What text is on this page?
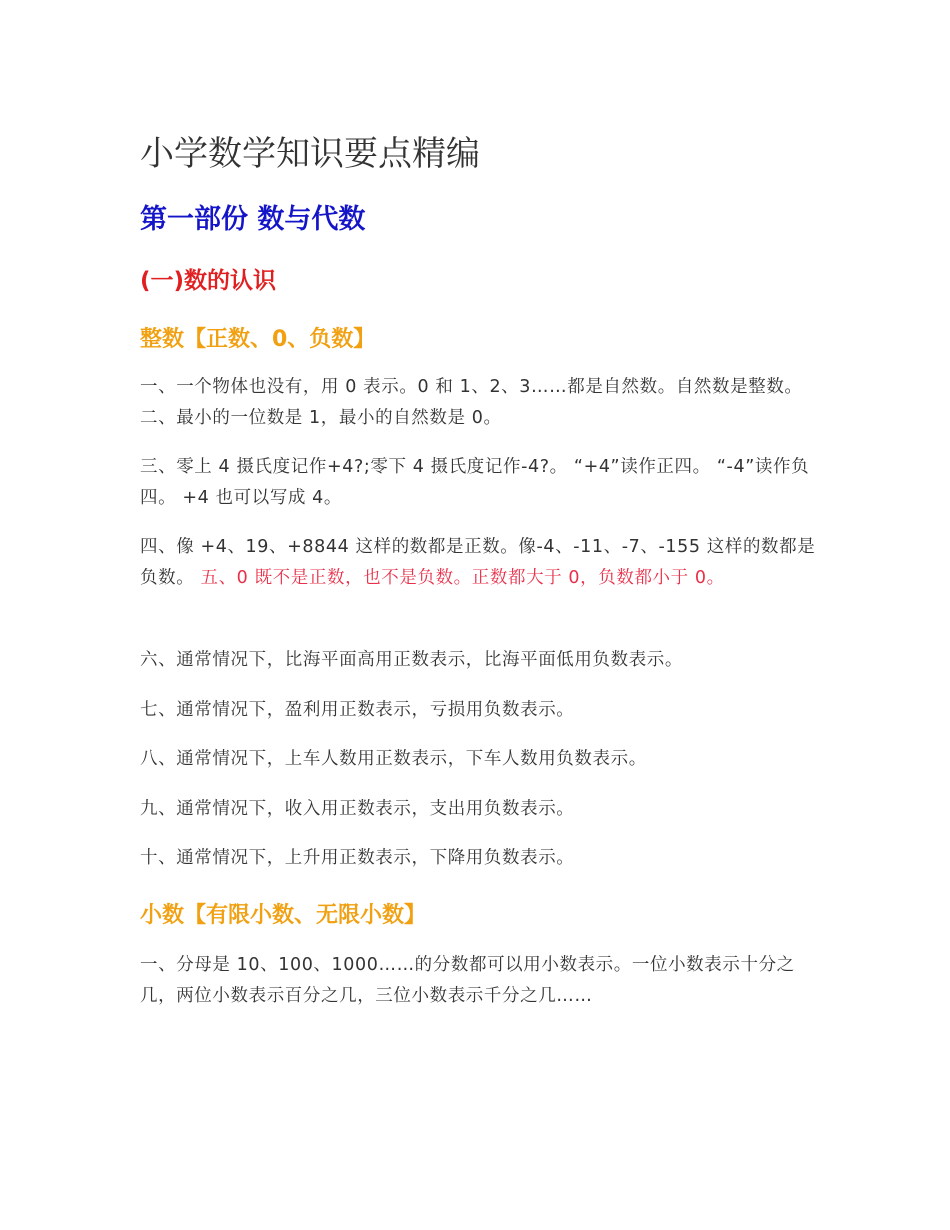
小学数学知识要点精编
第一部份 数与代数
(一)数的认识
整数【正数、0、负数】

一、一个物体也没有，用 0 表示。0 和 1、2、3……都是自然数。自然数是整数。 二、最小的一位数是 1，最小的自然数是 0。

三、零上 4 摄氏度记作+4?;零下 4 摄氏度记作-4?。 “+4”读作正四。 “-4”读作负四。 +4 也可以写成 4。

四、像 +4、19、+8844 这样的数都是正数。像-4、-11、-7、-155 这样的数都是负数。 五、0 既不是正数，也不是负数。正数都大于 0，负数都小于 0。

六、通常情况下，比海平面高用正数表示，比海平面低用负数表示。

七、通常情况下，盈利用正数表示，亏损用负数表示。

八、通常情况下，上车人数用正数表示，下车人数用负数表示。

九、通常情况下，收入用正数表示，支出用负数表示。

十、通常情况下，上升用正数表示，下降用负数表示。

小数【有限小数、无限小数】

一、分母是 10、100、1000……的分数都可以用小数表示。一位小数表示十分之几，两位小数表示百分之几，三位小数表示千分之几……
